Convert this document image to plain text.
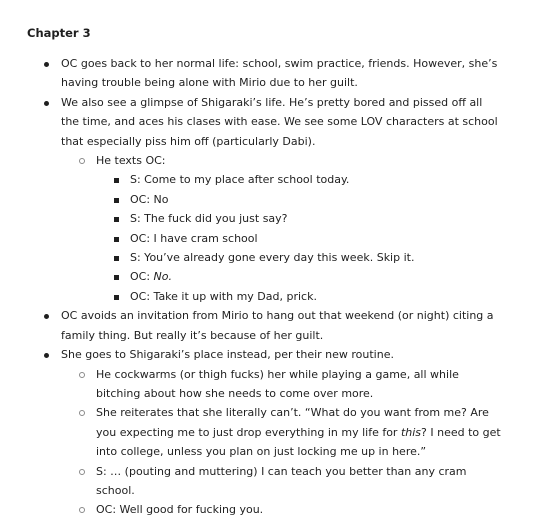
Chapter 3
OC goes back to her normal life: school, swim practice, friends. However, she’s having trouble being alone with Mirio due to her guilt.
We also see a glimpse of Shigaraki’s life. He’s pretty bored and pissed off all the time, and aces his clases with ease. We see some LOV characters at school that especially piss him off (particularly Dabi).
He texts OC:
S: Come to my place after school today.
OC: No
S: The fuck did you just say?
OC: I have cram school
S: You’ve already gone every day this week. Skip it.
OC: No.
OC: Take it up with my Dad, prick.
OC avoids an invitation from Mirio to hang out that weekend (or night) citing a family thing. But really it’s because of her guilt.
She goes to Shigaraki’s place instead, per their new routine.
He cockwarms (or thigh fucks) her while playing a game, all while bitching about how she needs to come over more.
She reiterates that she literally can’t. “What do you want from me? Are you expecting me to just drop everything in my life for this? I need to get into college, unless you plan on just locking me up in here.”
S: … (pouting and muttering) I can teach you better than any cram school.
OC: Well good for fucking you.
